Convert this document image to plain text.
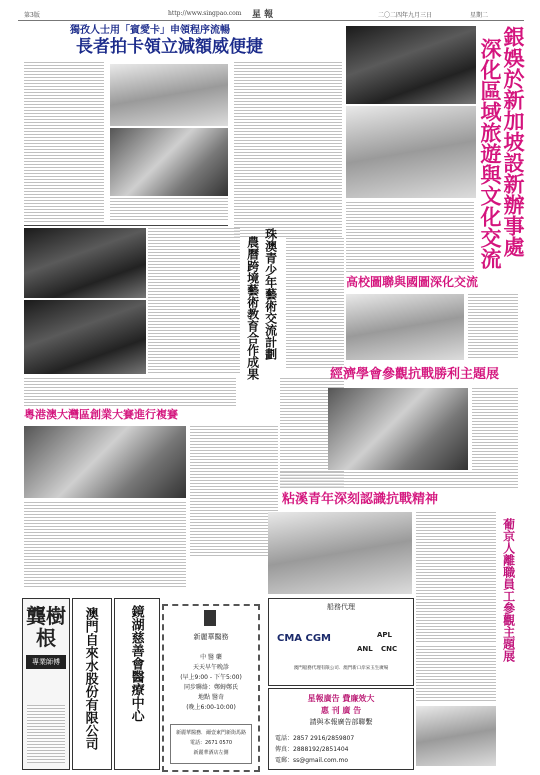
第3版	http://www.singpao.com 星 報	二〇二四年九月三日	星期二
獨孜人士用「賓愛卡」申領程序流暢
長者拍卡領立減額威便捷	銀娛於新加坡設新辦事處
深化區域旅遊與文化交流
珠澳青少年藝術交流計劃
農曆跨境藝術教育合作成果
粵港澳大灣區創業大賽進行複賽
高校圖聯與國圖深化交流
經濟學會參觀抗戰勝利主題展
粘溪青年深刻認識抗戰精神
葡京人離職員工參觀主題展
龔樹根
專業師傅	澳門自來水股份有限公司 鏡湖慈善會醫療中心	新麗華醫務
中 醫 藥
天天早午晚診
(早上9:00 - 下午5:00)
同步聯絡：鄭姆鄭氏
地點 醫奇
(晚上6:00-10:00)
新麗華醫務．爾壹東門新街馬路
電話：2671 0570
新麗華酒店左側
船務代理
CMA CGM	APL
ANL CNC
澳門船務代理有限公司．澳門新口岸宋玉生廣場
星報廣告 費廉效大
惠 刊 廣 告
請與本報廣告部聯繫
電話：2857 2916/2859807
傳真：2888192/2851404
電郵：ss@gmail.com.mo
